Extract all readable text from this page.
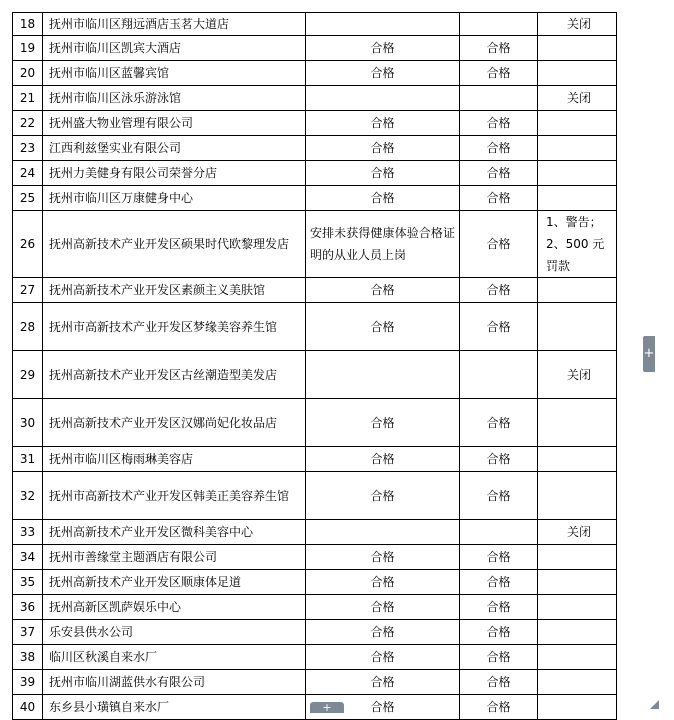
18	抚州市临川区翔远酒店玉茗大道店			关闭
19	抚州市临川区凯宾大酒店	合格	合格	
20	抚州市临川区蓝馨宾馆	合格	合格	
21	抚州市临川区泳乐游泳馆			关闭
22	抚州盛大物业管理有限公司	合格	合格	
23	江西利兹堡实业有限公司	合格	合格	
24	抚州力美健身有限公司荣誉分店	合格	合格	
25	抚州市临川区万康健身中心	合格	合格	
26	抚州高新技术产业开发区硕果时代欧黎理发店	安排未获得健康体验合格证明的从业人员上岗	合格	1、警告；
2、500 元罚款
27	抚州高新技术产业开发区素颜主义美肤馆	合格	合格	
28	抚州市高新技术产业开发区梦缘美容养生馆	合格	合格	
29	抚州高新技术产业开发区古丝潮造型美发店			关闭
30	抚州高新技术产业开发区汉娜尚妃化妆品店	合格	合格	
31	抚州市临川区梅雨琳美容店	合格	合格	
32	抚州市高新技术产业开发区韩美正美容养生馆	合格	合格	
33	抚州高新技术产业开发区微科美容中心			关闭
34	抚州市善缘堂主题酒店有限公司	合格	合格	
35	抚州高新技术产业开发区顺康体足道	合格	合格	
36	抚州高新区凯萨娱乐中心	合格	合格	
37	乐安县供水公司	合格	合格	
38	临川区秋溪自来水厂	合格	合格	
39	抚州市临川湖蓝供水有限公司	合格	合格	
40	东乡县小璜镇自来水厂	合格	合格	
+
+
